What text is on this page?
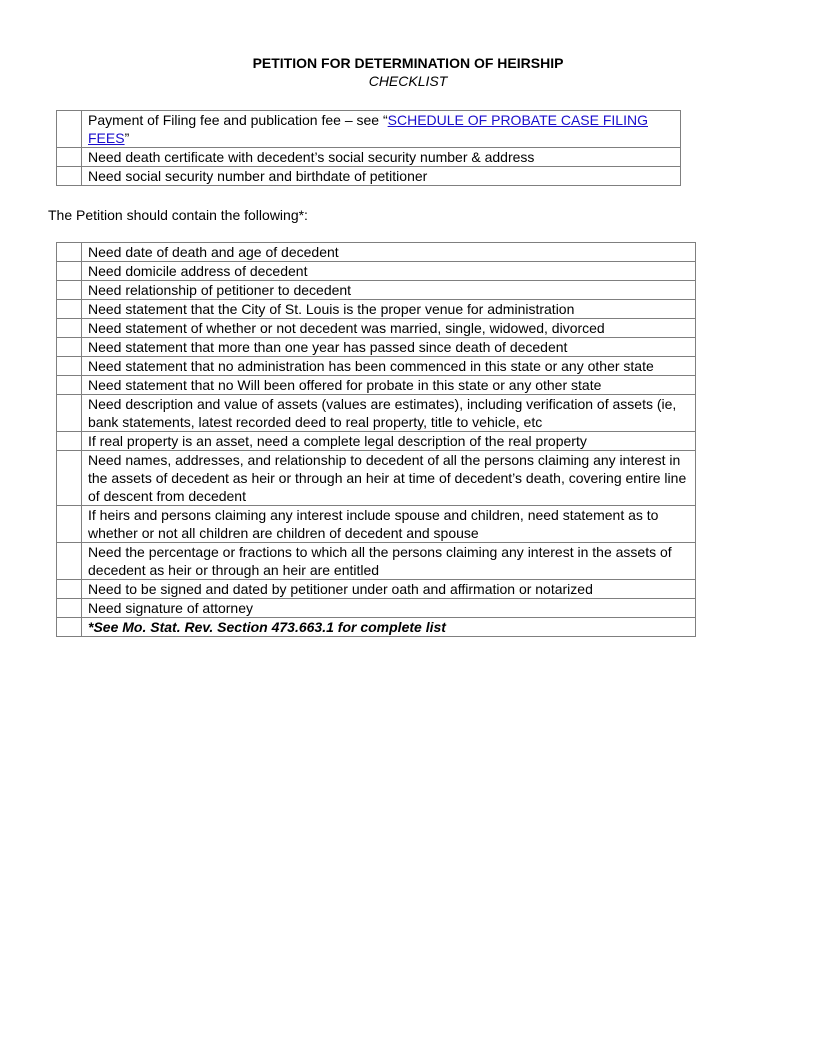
PETITION FOR DETERMINATION OF HEIRSHIP
CHECKLIST
	Payment of Filing fee and publication fee – see “SCHEDULE OF PROBATE CASE FILING FEES”
	Need death certificate with decedent’s social security number & address
	Need social security number and birthdate of petitioner
The Petition should contain the following*:
	Need date of death and age of decedent
	Need domicile address of decedent
	Need relationship of petitioner to decedent
	Need statement that the City of St. Louis is the proper venue for administration
	Need statement of whether or not decedent was married, single, widowed, divorced
	Need statement that more than one year has passed since death of decedent
	Need statement that no administration has been commenced in this state or any other state
	Need statement that no Will been offered for probate in this state or any other state
	Need description and value of assets (values are estimates), including verification of assets (ie, bank statements, latest recorded deed to real property, title to vehicle, etc
	If real property is an asset, need a complete legal description of the real property
	Need names, addresses, and relationship to decedent of all the persons claiming any interest in the assets of decedent as heir or through an heir at time of decedent’s death, covering entire line of descent from decedent
	If heirs and persons claiming any interest include spouse and children, need statement as to whether or not all children are children of decedent and spouse
	Need the percentage or fractions to which all the persons claiming any interest in the assets of decedent as heir or through an heir are entitled
	Need to be signed and dated by petitioner under oath and affirmation or notarized
	Need signature of attorney
	*See Mo. Stat. Rev. Section 473.663.1 for complete list
